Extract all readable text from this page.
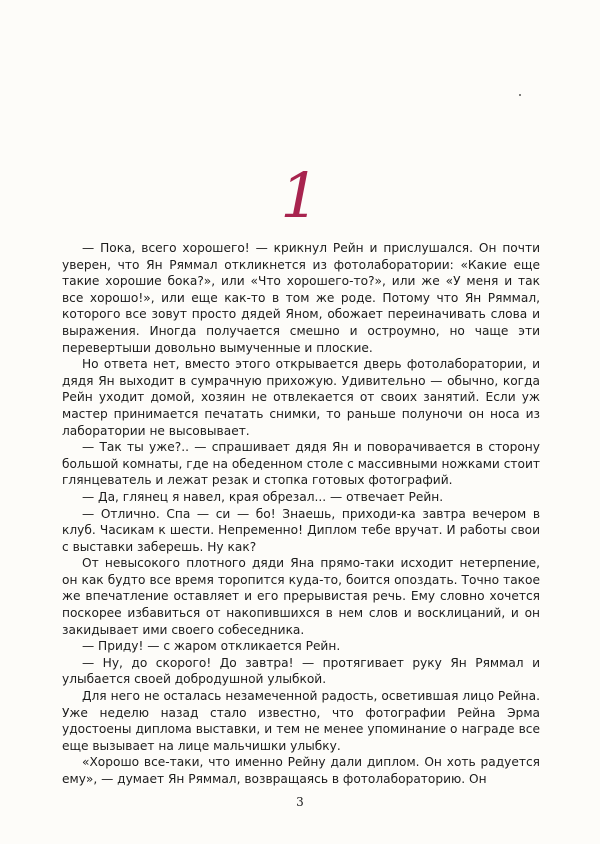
1

— Пока, всего хорошего! — крикнул Рейн и прислушался. Он почти уверен, что Ян Ряммал откликнется из фотолаборатории: «Какие еще такие хорошие бока?», или «Что хорошего-то?», или же «У меня и так все хорошо!», или еще как-то в том же роде. Потому что Ян Ряммал, которого все зовут просто дядей Яном, обожает переиначивать слова и выражения. Иногда получается смешно и остроумно, но чаще эти перевертыши довольно вымученные и плоские.

Но ответа нет, вместо этого открывается дверь фотолаборатории, и дядя Ян выходит в сумрачную прихожую. Удивительно — обычно, когда Рейн уходит домой, хозяин не отвлекается от своих занятий. Если уж мастер принимается печатать снимки, то раньше полуночи он носа из лаборатории не высовывает.

— Так ты уже?.. — спрашивает дядя Ян и поворачивается в сторону большой комнаты, где на обеденном столе с массивными ножками стоит глянцеватель и лежат резак и стопка готовых фотографий.

— Да, глянец я навел, края обрезал... — отвечает Рейн.

— Отлично. Спа — си — бо! Знаешь, приходи-ка завтра вечером в клуб. Часикам к шести. Непременно! Диплом тебе вручат. И работы свои с выставки заберешь. Ну как?

От невысокого плотного дяди Яна прямо-таки исходит нетерпение, он как будто все время торопится куда-то, боится опоздать. Точно такое же впечатление оставляет и его прерывистая речь. Ему словно хочется поскорее избавиться от накопившихся в нем слов и восклицаний, и он закидывает ими своего собеседника.

— Приду! — с жаром откликается Рейн.

— Ну, до скорого! До завтра! — протягивает руку Ян Ряммал и улыбается своей добродушной улыбкой.

Для него не осталась незамеченной радость, осветившая лицо Рейна. Уже неделю назад стало известно, что фотографии Рейна Эрма удостоены диплома выставки, и тем не менее упоминание о награде все еще вызывает на лице мальчишки улыбку.

«Хорошо все-таки, что именно Рейну дали диплом. Он хоть радуется ему», — думает Ян Ряммал, возвращаясь в фотолабораторию. Он

3
